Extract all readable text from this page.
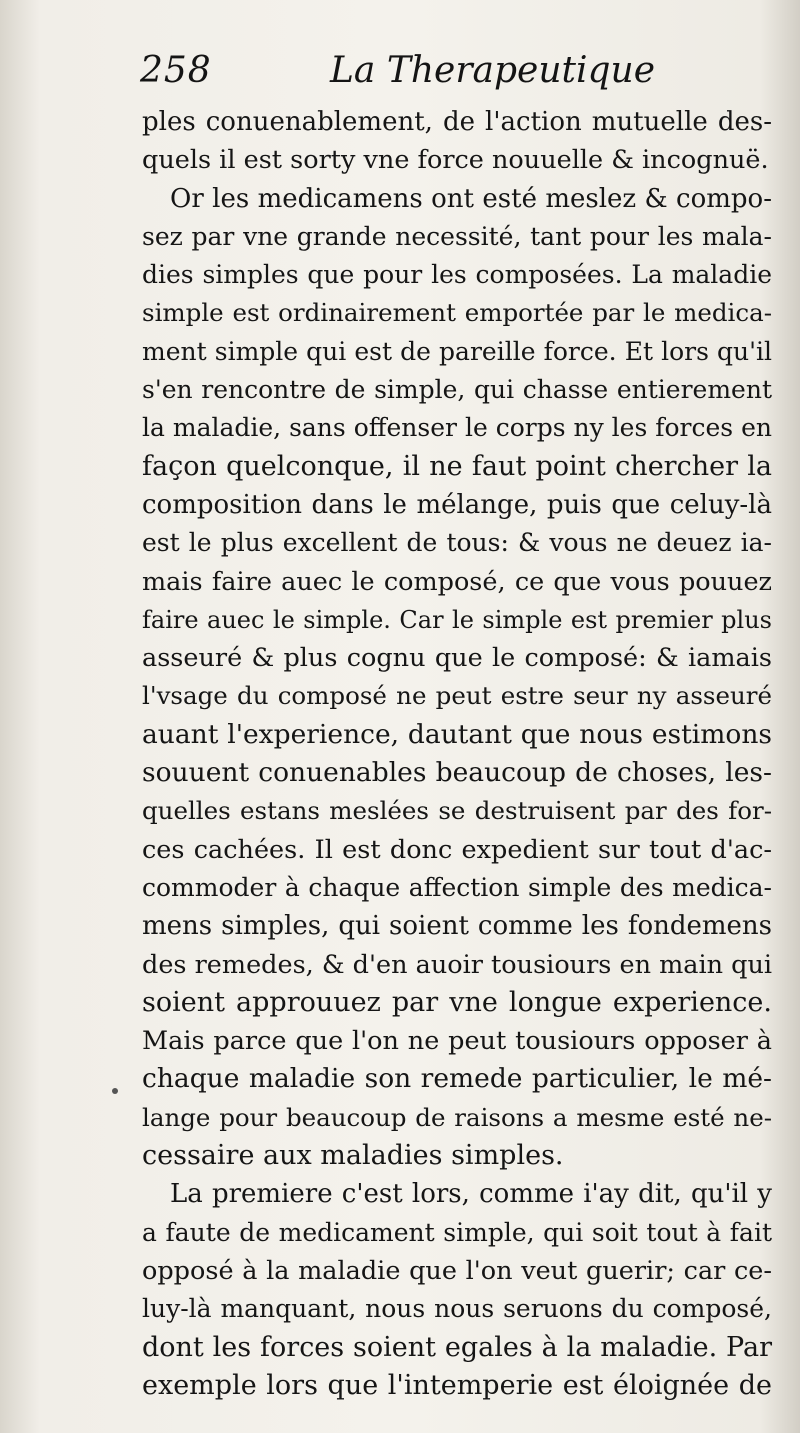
258	La Therapeutique
ples conuenablement, de l'action mutuelle des-
quels il est sorty vne force nouuelle & incognuë.
Or les medicamens ont esté meslez & compo-
sez par vne grande necessité, tant pour les mala-
dies simples que pour les composées. La maladie
simple est ordinairement emportée par le medica-
ment simple qui est de pareille force. Et lors qu'il
s'en rencontre de simple, qui chasse entierement
la maladie, sans offenser le corps ny les forces en
façon quelconque, il ne faut point chercher la
composition dans le mélange, puis que celuy-là
est le plus excellent de tous: & vous ne deuez ia-
mais faire auec le composé, ce que vous pouuez
faire auec le simple. Car le simple est premier plus
asseuré & plus cognu que le composé: & iamais
l'vsage du composé ne peut estre seur ny asseuré
auant l'experience, dautant que nous estimons
souuent conuenables beaucoup de choses, les-
quelles estans meslées se destruisent par des for-
ces cachées. Il est donc expedient sur tout d'ac-
commoder à chaque affection simple des medica-
mens simples, qui soient comme les fondemens
des remedes, & d'en auoir tousiours en main qui
soient approuuez par vne longue experience.
Mais parce que l'on ne peut tousiours opposer à
chaque maladie son remede particulier, le mé-
lange pour beaucoup de raisons a mesme esté ne-
cessaire aux maladies simples.
La premiere c'est lors, comme i'ay dit, qu'il y
a faute de medicament simple, qui soit tout à fait
opposé à la maladie que l'on veut guerir; car ce-
luy-là manquant, nous nous seruons du composé,
dont les forces soient egales à la maladie. Par
exemple lors que l'intemperie est éloignée de
